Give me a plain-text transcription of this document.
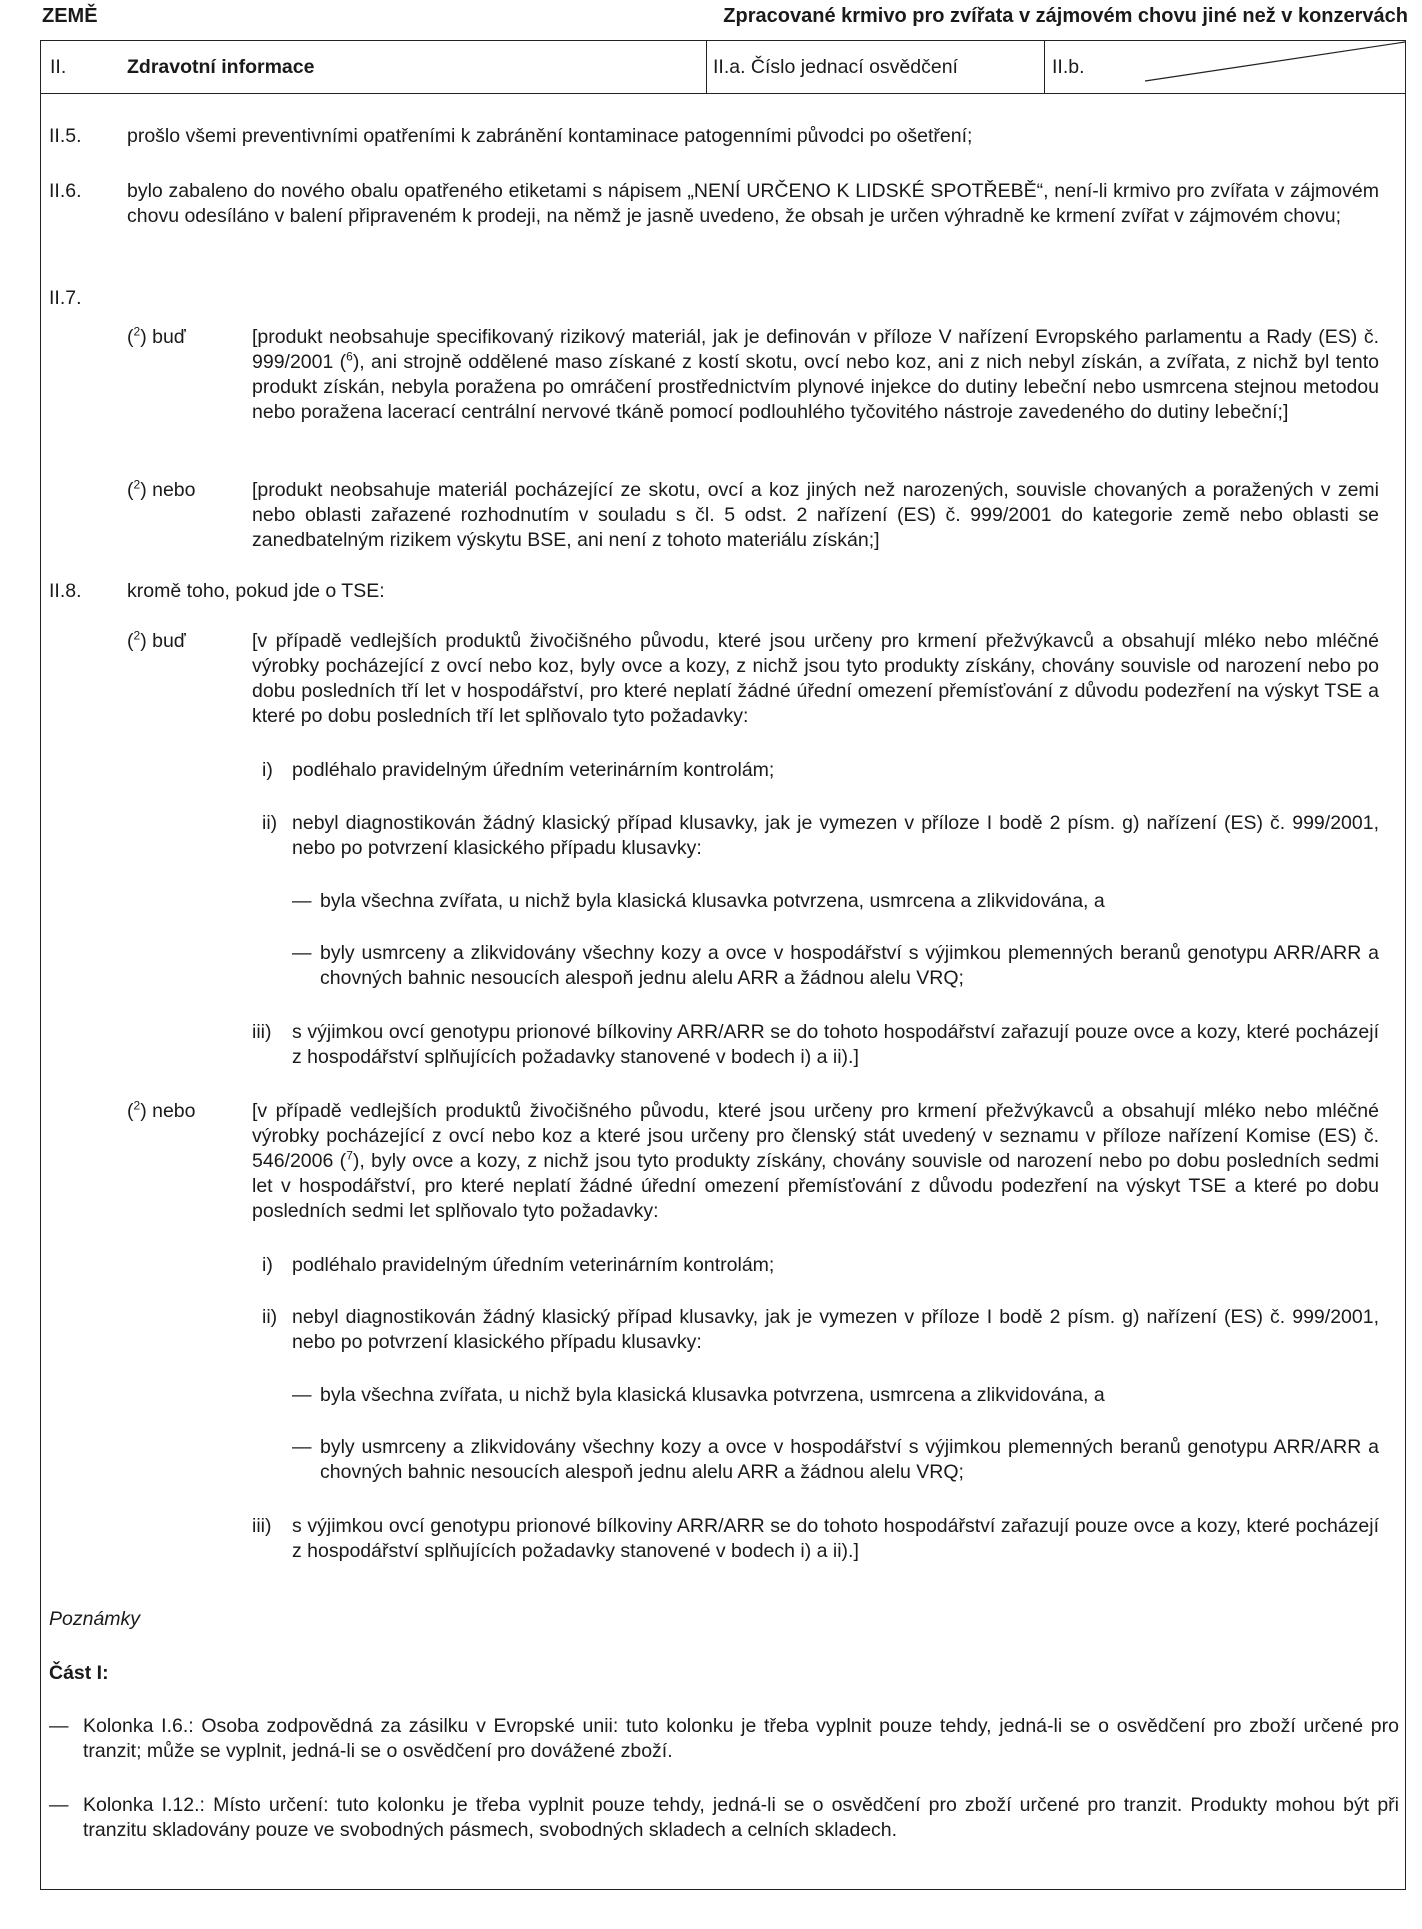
ZEMĚ	Zpracované krmivo pro zvířata v zájmovém chovu jiné než v konzervách
II.	Zdravotní informace	II.a. Číslo jednací osvědčení	II.b.
II.5. prošlo všemi preventivními opatřeními k zabránění kontaminace patogenními původci po ošetření;
II.6. bylo zabaleno do nového obalu opatřeného etiketami s nápisem „NENÍ URČENO K LIDSKÉ SPOTŘEBĚ“, není-li krmivo pro zvířata v zájmovém chovu odesíláno v balení připraveném k prodeji, na němž je jasně uvedeno, že obsah je určen výhradně ke krmení zvířat v zájmovém chovu;
II.7.
($^2$) buď	[produkt neobsahuje specifikovaný rizikový materiál, jak je definován v příloze V nařízení Evropského parlamentu a Rady (ES) č. 999/2001 ($^6$), ani strojně oddělené maso získané z kostí skotu, ovcí nebo koz, ani z nich nebyl získán, a zvířata, z nichž byl tento produkt získán, nebyla poražena po omráčení prostřednictvím plynové injekce do dutiny lebeční nebo usmrcena stejnou metodou nebo poražena lacerací centrální nervové tkáně pomocí podlouhlého tyčovitého nástroje zavedeného do dutiny lebeční;]
($^2$) nebo	[produkt neobsahuje materiál pocházející ze skotu, ovcí a koz jiných než narozených, souvisle chovaných a poražených v zemi nebo oblasti zařazené rozhodnutím v souladu s čl. 5 odst. 2 nařízení (ES) č. 999/2001 do kategorie země nebo oblasti se zanedbatelným rizikem výskytu BSE, ani není z tohoto materiálu získán;]
II.8. kromě toho, pokud jde o TSE:
($^2$) buď	[v případě vedlejších produktů živočišného původu, které jsou určeny pro krmení přežvýkavců a obsahují mléko nebo mléčné výrobky pocházející z ovcí nebo koz, byly ovce a kozy, z nichž jsou tyto produkty získány, chovány souvisle od narození nebo po dobu posledních tří let v hospodářství, pro které neplatí žádné úřední omezení přemísťování z důvodu podezření na výskyt TSE a které po dobu posledních tří let splňovalo tyto požadavky:
i) podléhalo pravidelným úředním veterinárním kontrolám;
ii) nebyl diagnostikován žádný klasický případ klusavky, jak je vymezen v příloze I bodě 2 písm. g) nařízení (ES) č. 999/2001, nebo po potvrzení klasického případu klusavky:
— byla všechna zvířata, u nichž byla klasická klusavka potvrzena, usmrcena a zlikvidována, a
— byly usmrceny a zlikvidovány všechny kozy a ovce v hospodářství s výjimkou plemenných beranů genotypu ARR/ARR a chovných bahnic nesoucích alespoň jednu alelu ARR a žádnou alelu VRQ;
iii) s výjimkou ovcí genotypu prionové bílkoviny ARR/ARR se do tohoto hospodářství zařazují pouze ovce a kozy, které pocházejí z hospodářství splňujících požadavky stanovené v bodech i) a ii).]
($^2$) nebo	[v případě vedlejších produktů živočišného původu, které jsou určeny pro krmení přežvýkavců a obsahují mléko nebo mléčné výrobky pocházející z ovcí nebo koz a které jsou určeny pro členský stát uvedený v seznamu v příloze nařízení Komise (ES) č. 546/2006 ($^7$), byly ovce a kozy, z nichž jsou tyto produkty získány, chovány souvisle od narození nebo po dobu posledních sedmi let v hospodářství, pro které neplatí žádné úřední omezení přemísťování z důvodu podezření na výskyt TSE a které po dobu posledních sedmi let splňovalo tyto požadavky:
i) podléhalo pravidelným úředním veterinárním kontrolám;
ii) nebyl diagnostikován žádný klasický případ klusavky, jak je vymezen v příloze I bodě 2 písm. g) nařízení (ES) č. 999/2001, nebo po potvrzení klasického případu klusavky:
— byla všechna zvířata, u nichž byla klasická klusavka potvrzena, usmrcena a zlikvidována, a
— byly usmrceny a zlikvidovány všechny kozy a ovce v hospodářství s výjimkou plemenných beranů genotypu ARR/ARR a chovných bahnic nesoucích alespoň jednu alelu ARR a žádnou alelu VRQ;
iii) s výjimkou ovcí genotypu prionové bílkoviny ARR/ARR se do tohoto hospodářství zařazují pouze ovce a kozy, které pocházejí z hospodářství splňujících požadavky stanovené v bodech i) a ii).]
Poznámky
Část I:
— Kolonka I.6.: Osoba zodpovědná za zásilku v Evropské unii: tuto kolonku je třeba vyplnit pouze tehdy, jedná-li se o osvědčení pro zboží určené pro tranzit; může se vyplnit, jedná-li se o osvědčení pro dovážené zboží.
— Kolonka I.12.: Místo určení: tuto kolonku je třeba vyplnit pouze tehdy, jedná-li se o osvědčení pro zboží určené pro tranzit. Produkty mohou být při tranzitu skladovány pouze ve svobodných pásmech, svobodných skladech a celních skladech.
